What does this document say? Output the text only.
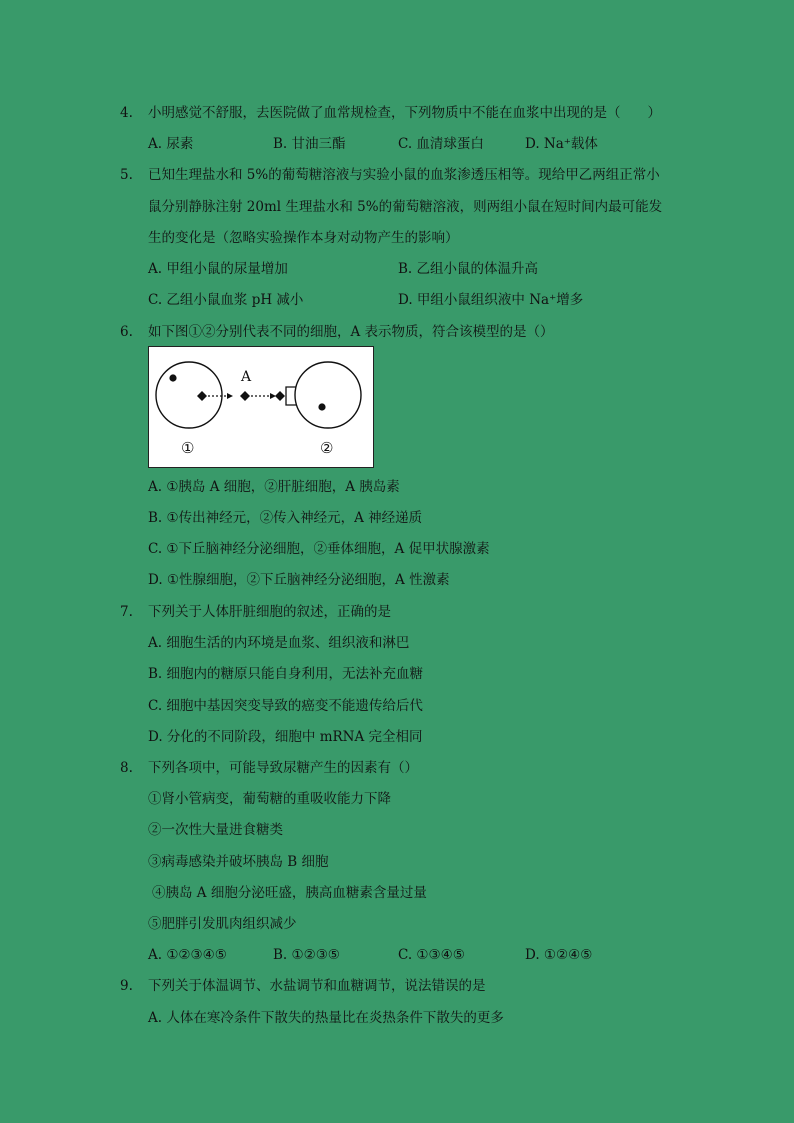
4. 小明感觉不舒服，去医院做了血常规检查，下列物质中不能在血浆中出现的是（　　）
A. 尿素	B. 甘油三酯	C. 血清球蛋白	D. Na⁺载体
5. 已知生理盐水和 5%的葡萄糖溶液与实验小鼠的血浆渗透压相等。现给甲乙两组正常小
鼠分别静脉注射 20ml 生理盐水和 5%的葡萄糖溶液，则两组小鼠在短时间内最可能发
生的变化是（忽略实验操作本身对动物产生的影响）
A. 甲组小鼠的尿量增加	B. 乙组小鼠的体温升高
C. 乙组小鼠血浆 pH 减小	D. 甲组小鼠组织液中 Na⁺增多
6. 如下图①②分别代表不同的细胞，A 表示物质，符合该模型的是（）
A
①	②
A. ①胰岛 A 细胞，②肝脏细胞，A 胰岛素
B. ①传出神经元，②传入神经元，A 神经递质
C. ①下丘脑神经分泌细胞，②垂体细胞，A 促甲状腺激素
D. ①性腺细胞，②下丘脑神经分泌细胞，A 性激素
7. 下列关于人体肝脏细胞的叙述，正确的是
A. 细胞生活的内环境是血浆、组织液和淋巴
B. 细胞内的糖原只能自身利用，无法补充血糖
C. 细胞中基因突变导致的癌变不能遗传给后代
D. 分化的不同阶段，细胞中 mRNA 完全相同
8. 下列各项中，可能导致尿糖产生的因素有（）
①肾小管病变，葡萄糖的重吸收能力下降
②一次性大量进食糖类
③病毒感染并破坏胰岛 B 细胞
④胰岛 A 细胞分泌旺盛，胰高血糖素含量过量
⑤肥胖引发肌肉组织减少
A. ①②③④⑤	B. ①②③⑤	C. ①③④⑤	D. ①②④⑤
9. 下列关于体温调节、水盐调节和血糖调节，说法错误的是
A. 人体在寒冷条件下散失的热量比在炎热条件下散失的更多
